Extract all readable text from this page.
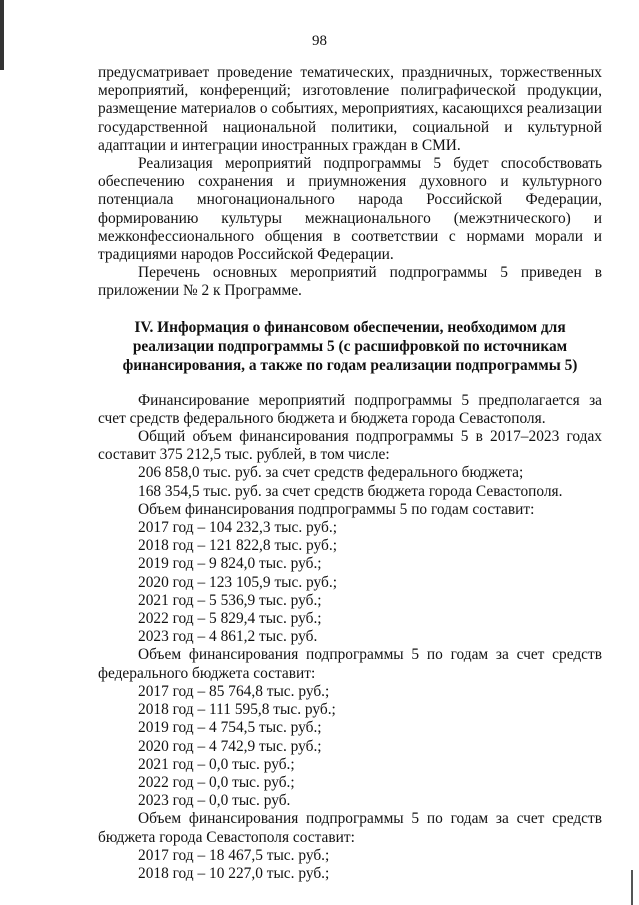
98

предусматривает проведение тематических, праздничных, торжественных мероприятий, конференций; изготовление полиграфической продукции, размещение материалов о событиях, мероприятиях, касающихся реализации государственной национальной политики, социальной и культурной адаптации и интеграции иностранных граждан в СМИ.

Реализация мероприятий подпрограммы 5 будет способствовать обеспечению сохранения и приумножения духовного и культурного потенциала многонационального народа Российской Федерации, формированию культуры межнационального (межэтнического) и межконфессионального общения в соответствии с нормами морали и традициями народов Российской Федерации.

Перечень основных мероприятий подпрограммы 5 приведен в приложении № 2 к Программе.

IV. Информация о финансовом обеспечении, необходимом для реализации подпрограммы 5 (с расшифровкой по источникам финансирования, а также по годам реализации подпрограммы 5)

Финансирование мероприятий подпрограммы 5 предполагается за счет средств федерального бюджета и бюджета города Севастополя.

Общий объем финансирования подпрограммы 5 в 2017–2023 годах составит 375 212,5 тыс. рублей, в том числе:

206 858,0 тыс. руб. за счет средств федерального бюджета;

168 354,5 тыс. руб. за счет средств бюджета города Севастополя.

Объем финансирования подпрограммы 5 по годам составит:

2017 год – 104 232,3 тыс. руб.;

2018 год – 121 822,8 тыс. руб.;

2019 год – 9 824,0 тыс. руб.;

2020 год – 123 105,9 тыс. руб.;

2021 год – 5 536,9 тыс. руб.;

2022 год – 5 829,4 тыс. руб.;

2023 год – 4 861,2 тыс. руб.

Объем финансирования подпрограммы 5 по годам за счет средств федерального бюджета составит:

2017 год – 85 764,8 тыс. руб.;

2018 год – 111 595,8 тыс. руб.;

2019 год – 4 754,5 тыс. руб.;

2020 год – 4 742,9 тыс. руб.;

2021 год – 0,0 тыс. руб.;

2022 год – 0,0 тыс. руб.;

2023 год – 0,0 тыс. руб.

Объем финансирования подпрограммы 5 по годам за счет средств бюджета города Севастополя составит:

2017 год – 18 467,5 тыс. руб.;

2018 год – 10 227,0 тыс. руб.;
